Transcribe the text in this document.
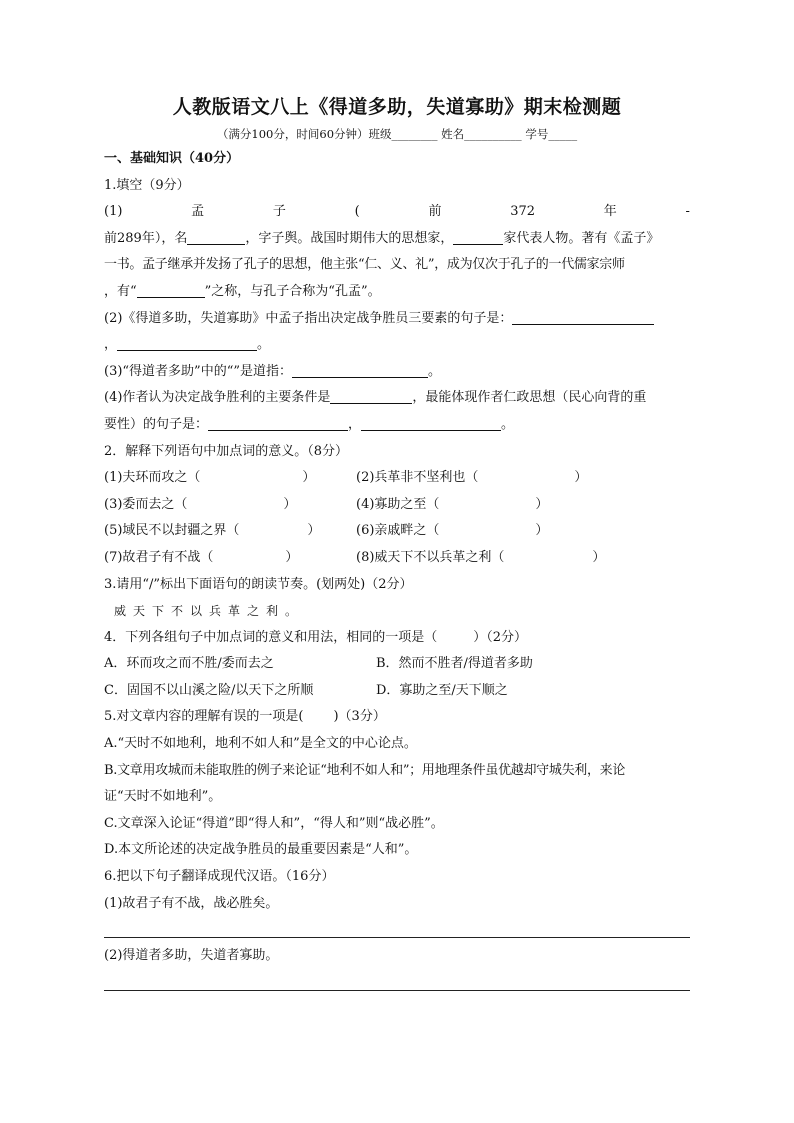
人教版语文八上《得道多助，失道寡助》期末检测题
（满分100分，时间60分钟）班级________ 姓名__________ 学号_____
一、基础知识（40分）
1.填空（9分）
(1)	孟	子	(	前	372	年	-
前289年），名	，字子舆。战国时期伟大的思想家，	家代表人物。著有《孟子》
一书。孟子继承并发扬了孔子的思想，他主张“仁、义、礼”，成为仅次于孔子的一代儒家宗师
，有“	”之称，与孔子合称为“孔孟”。
(2)《得道多助，失道寡助》中孟子指出决定战争胜员三要素的句子是：
，	。
(3)“得道者多助”中的“”是道指：	。
(4)作者认为决定战争胜利的主要条件是	，最能体现作者仁政思想（民心向背的重
要性）的句子是：	，	。
2．解释下列语句中加点词的意义。（8分）
(1)夫环而攻之（	）	(2)兵革非不坚利也（	）
(3)委而去之（	）	(4)寡助之至（	）
(5)域民不以封疆之界（	）	(6)亲戚畔之（	）
(7)故君子有不战（	）	(8)威天下不以兵革之利（	）
3.请用“/”标出下面语句的朗读节奏。(划两处)（2分）
威天下不以兵革之利。
4．下列各组句子中加点词的意义和用法，相同的一项是（	）（2分）
A．环而攻之而不胜/委而去之	B．然而不胜者/得道者多助
C．固国不以山溪之险/以天下之所顺	D．寡助之至/天下顺之
5.对文章内容的理解有误的一项是( )（3分）
A.“天时不如地利，地利不如人和”是全文的中心论点。
B.文章用攻城而未能取胜的例子来论证“地利不如人和”；用地理条件虽优越却守城失利，来论
证“天时不如地利”。
C.文章深入论证“得道”即“得人和”，“得人和”则“战必胜”。
D.本文所论述的决定战争胜员的最重要因素是“人和”。
6.把以下句子翻译成现代汉语。（16分）
(1)故君子有不战，战必胜矣。
(2)得道者多助，失道者寡助。
